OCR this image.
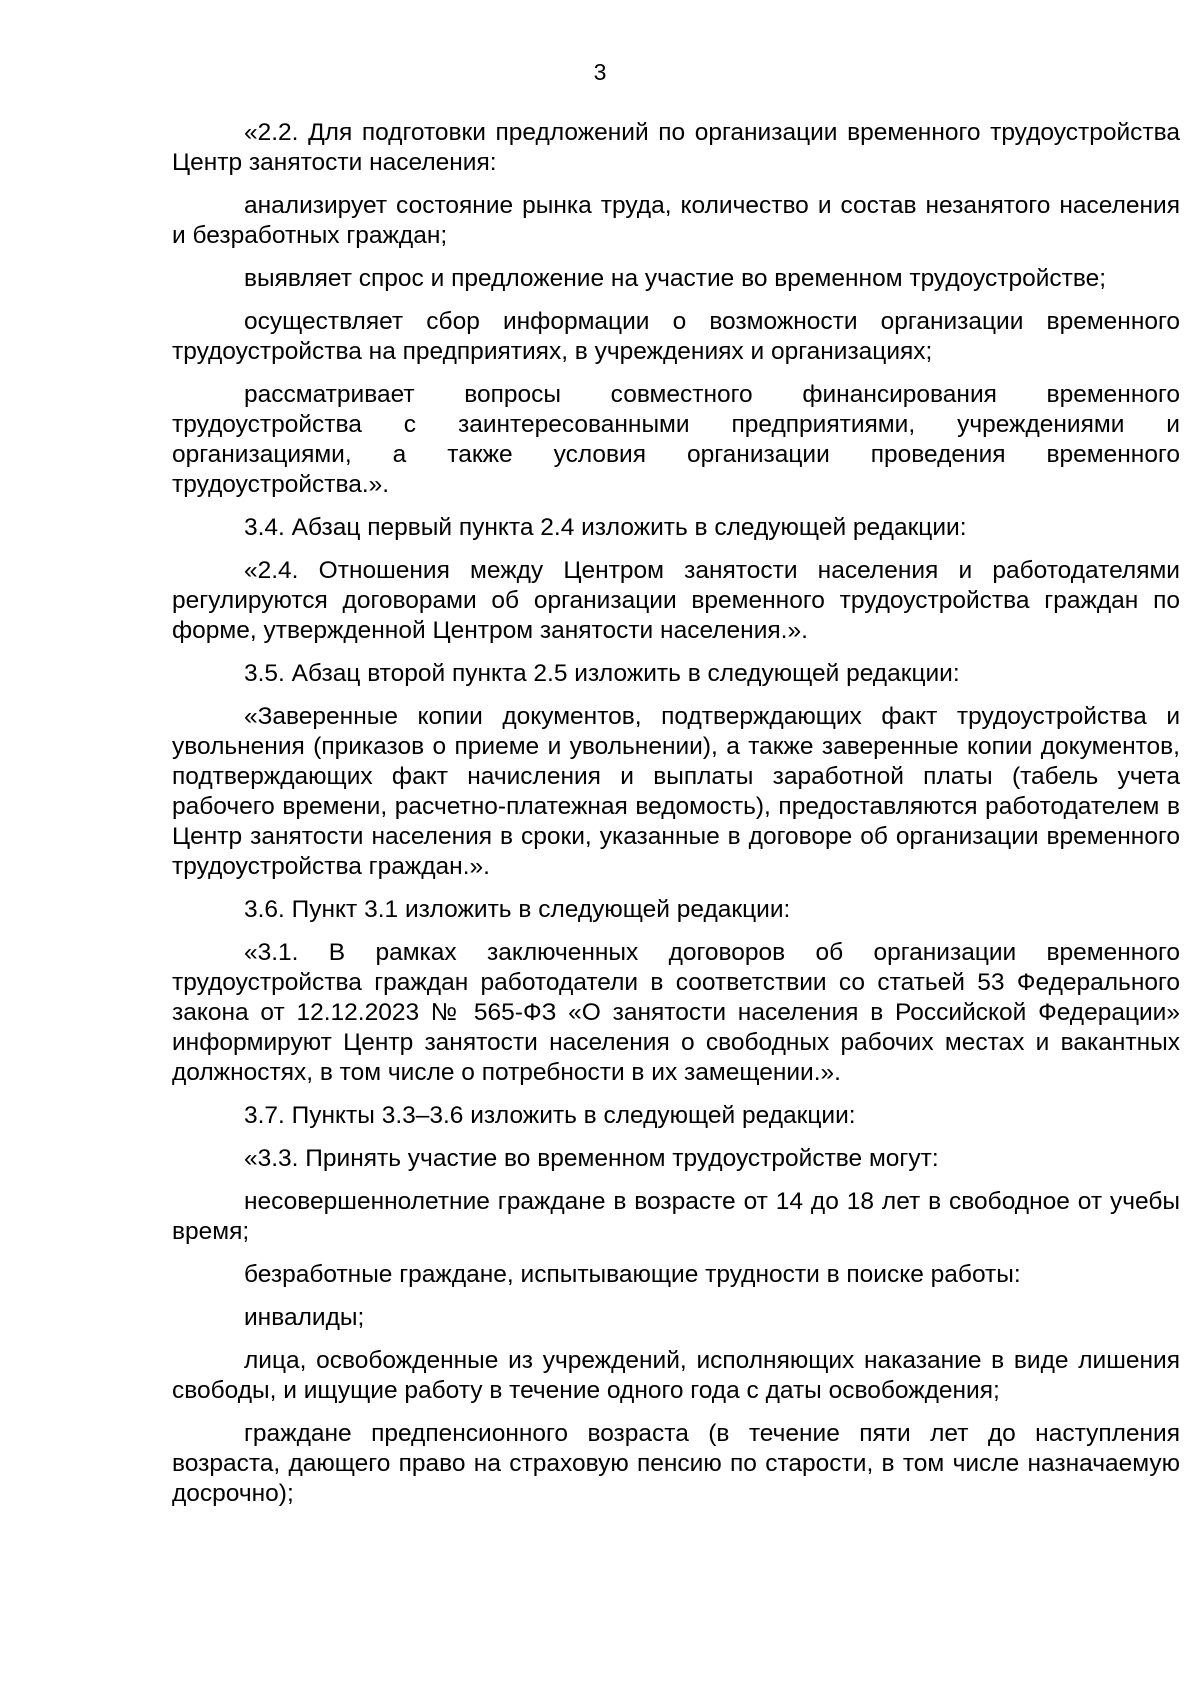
3

«2.2. Для подготовки предложений по организации временного трудоустройства Центр занятости населения:

анализирует состояние рынка труда, количество и состав незанятого населения и безработных граждан;

выявляет спрос и предложение на участие во временном трудоустройстве;

осуществляет сбор информации о возможности организации временного трудоустройства на предприятиях, в учреждениях и организациях;

рассматривает вопросы совместного финансирования временного трудоустройства с заинтересованными предприятиями, учреждениями и организациями, а также условия организации проведения временного трудоустройства.».

3.4. Абзац первый пункта 2.4 изложить в следующей редакции:

«2.4. Отношения между Центром занятости населения и работодателями регулируются договорами об организации временного трудоустройства граждан по форме, утвержденной Центром занятости населения.».

3.5. Абзац второй пункта 2.5 изложить в следующей редакции:

«Заверенные копии документов, подтверждающих факт трудоустройства и увольнения (приказов о приеме и увольнении), а также заверенные копии документов, подтверждающих факт начисления и выплаты заработной платы (табель учета рабочего времени, расчетно-платежная ведомость), предоставляются работодателем в Центр занятости населения в сроки, указанные в договоре об организации временного трудоустройства граждан.».

3.6. Пункт 3.1 изложить в следующей редакции:

«3.1. В рамках заключенных договоров об организации временного трудоустройства граждан работодатели в соответствии со статьей 53 Федерального закона от 12.12.2023 № 565-ФЗ «О занятости населения в Российской Федерации» информируют Центр занятости населения о свободных рабочих местах и вакантных должностях, в том числе о потребности в их замещении.».

3.7. Пункты 3.3–3.6 изложить в следующей редакции:

«3.3. Принять участие во временном трудоустройстве могут:

несовершеннолетние граждане в возрасте от 14 до 18 лет в свободное от учебы время;

безработные граждане, испытывающие трудности в поиске работы:

инвалиды;

лица, освобожденные из учреждений, исполняющих наказание в виде лишения свободы, и ищущие работу в течение одного года с даты освобождения;

граждане предпенсионного возраста (в течение пяти лет до наступления возраста, дающего право на страховую пенсию по старости, в том числе назначаемую досрочно);
